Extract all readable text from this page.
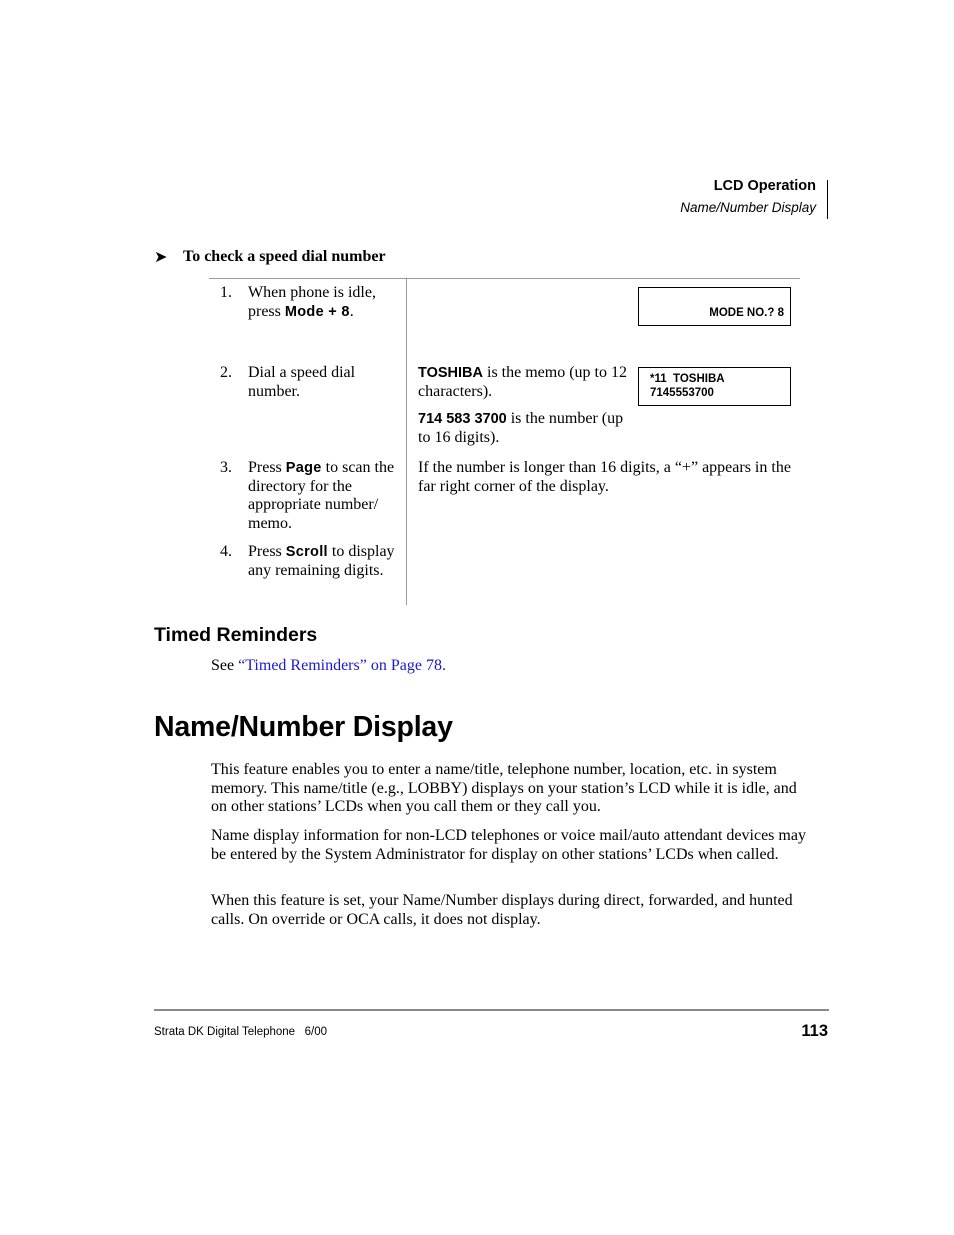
LCD Operation
Name/Number Display
➤ To check a speed dial number
1. When phone is idle, press Mode + 8.	MODE NO.? 8
2. Dial a speed dial number.
TOSHIBA is the memo (up to 12 characters).
714 583 3700 is the number (up to 16 digits).
*11  TOSHIBA
7145553700
3. Press Page to scan the directory for the appropriate number/ memo.
If the number is longer than 16 digits, a “+” appears in the far right corner of the display.
4. Press Scroll to display any remaining digits.
Timed Reminders
See “Timed Reminders” on Page 78.
Name/Number Display
This feature enables you to enter a name/title, telephone number, location, etc. in system memory. This name/title (e.g., LOBBY) displays on your station’s LCD while it is idle, and on other stations’ LCDs when you call them or they call you.
Name display information for non-LCD telephones or voice mail/auto attendant devices may be entered by the System Administrator for display on other stations’ LCDs when called.
When this feature is set, your Name/Number displays during direct, forwarded, and hunted calls. On override or OCA calls, it does not display.
Strata DK Digital Telephone   6/00	113
